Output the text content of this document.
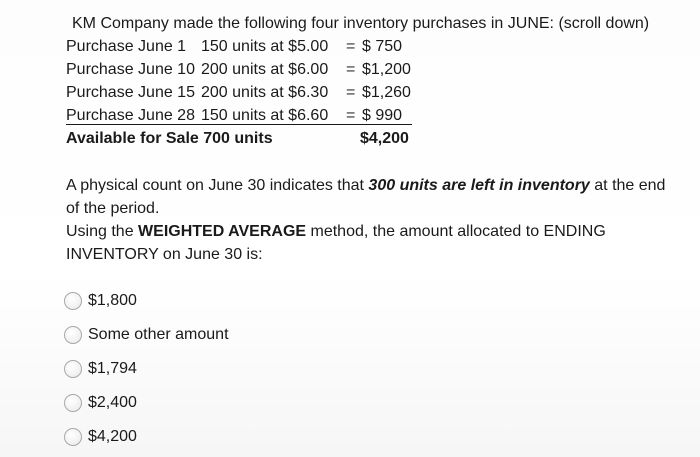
KM Company made the following four inventory purchases in JUNE: (scroll down)
Purchase June 1 150 units at $5.00 = $ 750
Purchase June 10 200 units at $6.00 = $1,200
Purchase June 15 200 units at $6.30 = $1,260
Purchase June 28 150 units at $6.60 = $ 990
Available for Sale 700 units	$4,200

A physical count on June 30 indicates that 300 units are left in inventory at the end of the period.

Using the WEIGHTED AVERAGE method, the amount allocated to ENDING INVENTORY on June 30 is:

$1,800
Some other amount
$1,794
$2,400
$4,200
